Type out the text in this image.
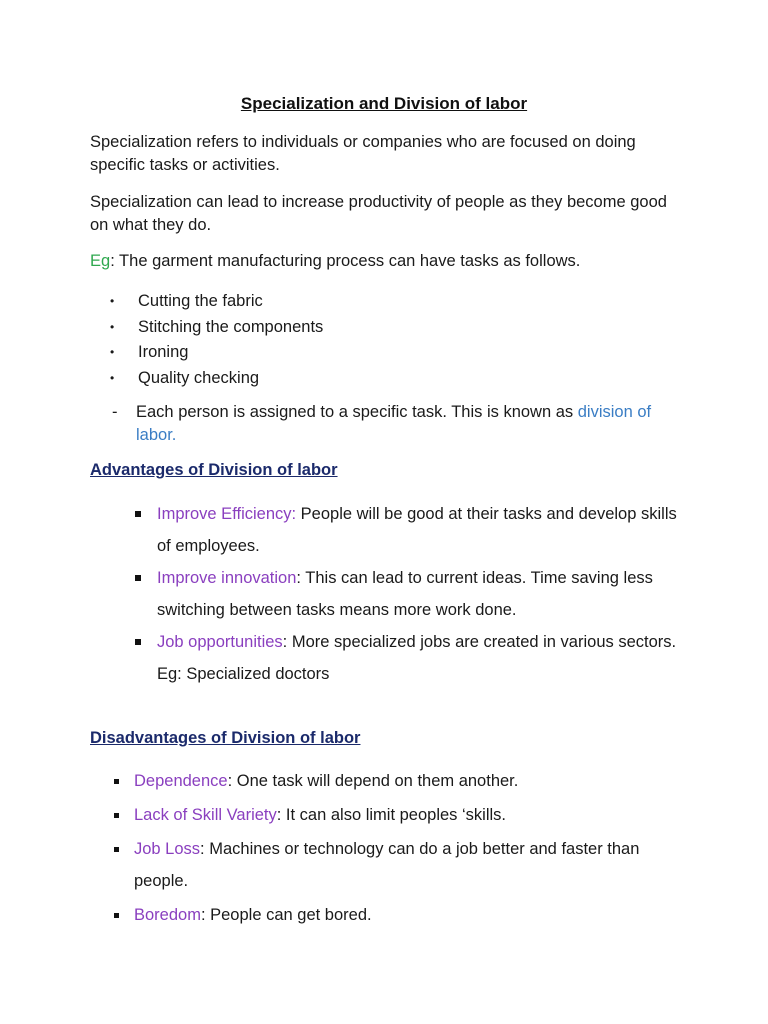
Specialization and Division of labor

Specialization refers to individuals or companies who are focused on doing specific tasks or activities.

Specialization can lead to increase productivity of people as they become good on what they do.

Eg: The garment manufacturing process can have tasks as follows.

• Cutting the fabric
• Stitching the components
• Ironing
• Quality checking
-	Each person is assigned to a specific task. This is known as division of labor.
Advantages of Division of labor
Improve Efficiency: People will be good at their tasks and develop skills of employees.
Improve innovation: This can lead to current ideas. Time saving less switching between tasks means more work done.
Job opportunities: More specialized jobs are created in various sectors. Eg: Specialized doctors
Disadvantages of Division of labor
Dependence: One task will depend on them another.
Lack of Skill Variety: It can also limit peoples ‘skills.
Job Loss: Machines or technology can do a job better and faster than people.
Boredom: People can get bored.
